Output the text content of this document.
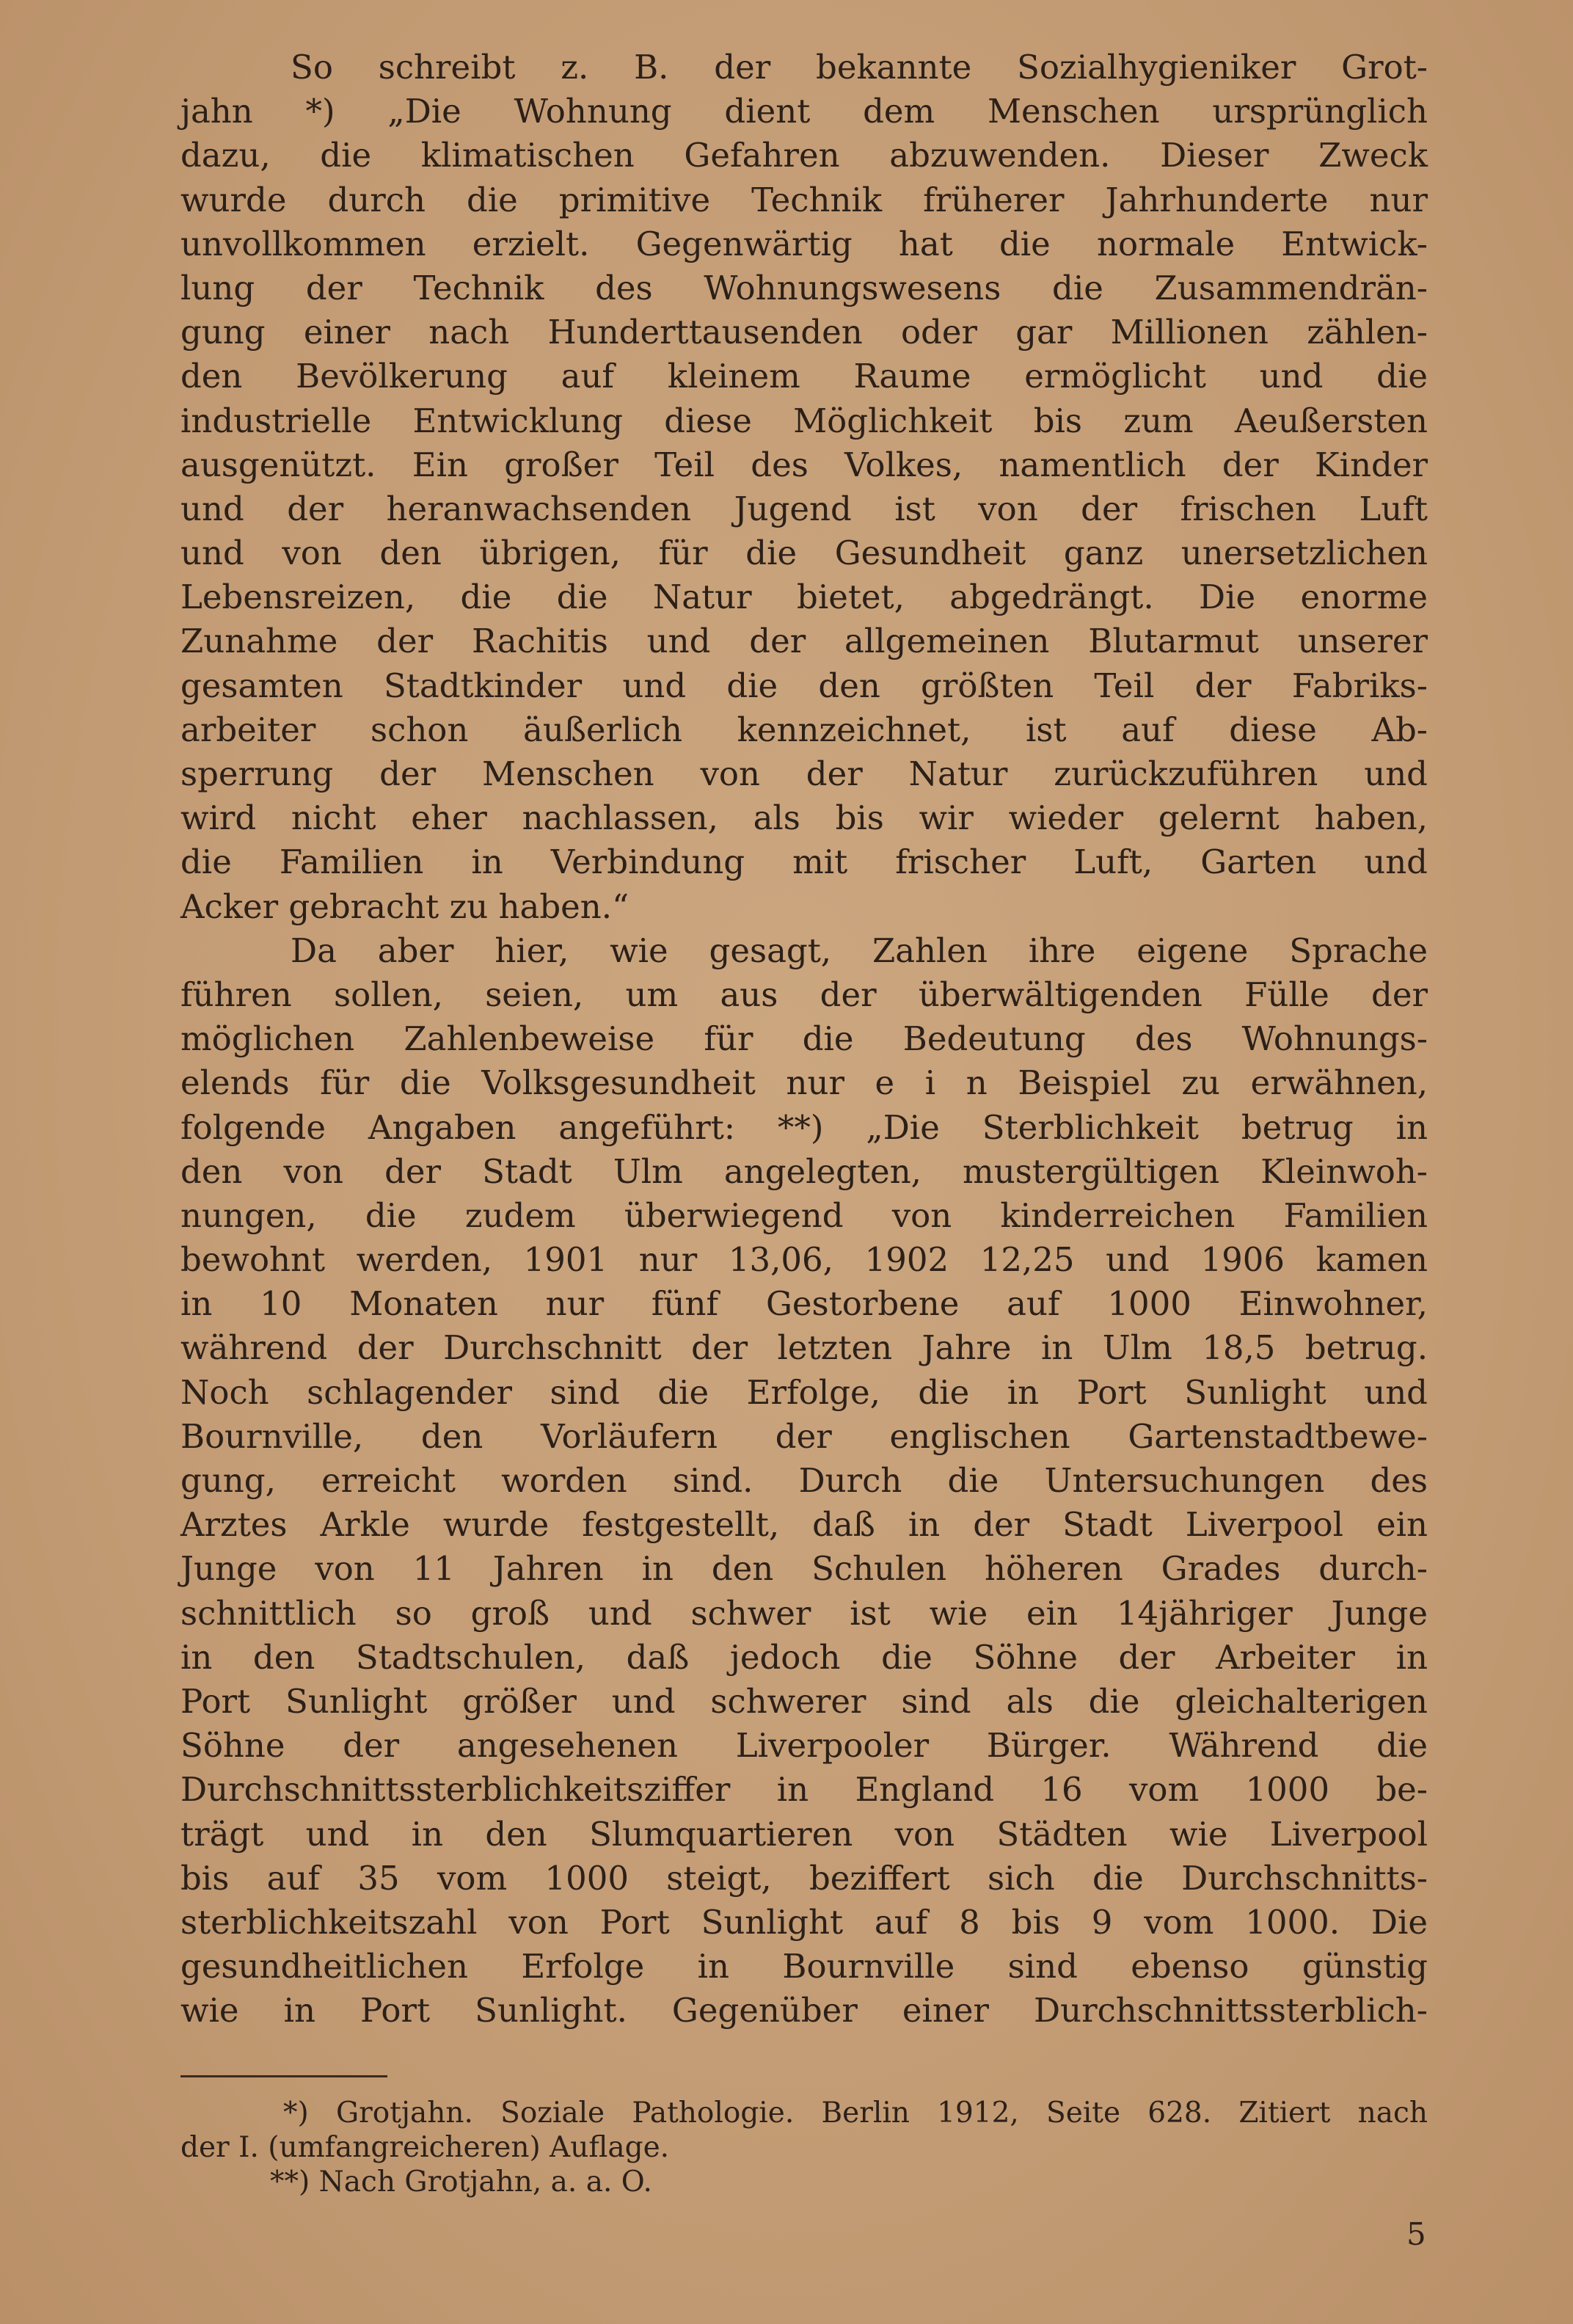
So schreibt z. B. der bekannte Sozialhygieniker Grot-
jahn *) „Die Wohnung dient dem Menschen ursprünglich
dazu, die klimatischen Gefahren abzuwenden. Dieser Zweck
wurde durch die primitive Technik früherer Jahrhunderte nur
unvollkommen erzielt. Gegenwärtig hat die normale Entwick-
lung der Technik des Wohnungswesens die Zusammendrän-
gung einer nach Hunderttausenden oder gar Millionen zählen-
den Bevölkerung auf kleinem Raume ermöglicht und die
industrielle Entwicklung diese Möglichkeit bis zum Aeußersten
ausgenützt. Ein großer Teil des Volkes, namentlich der Kinder
und der heranwachsenden Jugend ist von der frischen Luft
und von den übrigen, für die Gesundheit ganz unersetzlichen
Lebensreizen, die die Natur bietet, abgedrängt. Die enorme
Zunahme der Rachitis und der allgemeinen Blutarmut unserer
gesamten Stadtkinder und die den größten Teil der Fabriks-
arbeiter schon äußerlich kennzeichnet, ist auf diese Ab-
sperrung der Menschen von der Natur zurückzuführen und
wird nicht eher nachlassen, als bis wir wieder gelernt haben,
die Familien in Verbindung mit frischer Luft, Garten und
Acker gebracht zu haben.“
Da aber hier, wie gesagt, Zahlen ihre eigene Sprache
führen sollen, seien, um aus der überwältigenden Fülle der
möglichen Zahlenbeweise für die Bedeutung des Wohnungs-
elends für die Volksgesundheit nur e i n Beispiel zu erwähnen,
folgende Angaben angeführt: **) „Die Sterblichkeit betrug in
den von der Stadt Ulm angelegten, mustergültigen Kleinwoh-
nungen, die zudem überwiegend von kinderreichen Familien
bewohnt werden, 1901 nur 13,06, 1902 12,25 und 1906 kamen
in 10 Monaten nur fünf Gestorbene auf 1000 Einwohner,
während der Durchschnitt der letzten Jahre in Ulm 18,5 betrug.
Noch schlagender sind die Erfolge, die in Port Sunlight und
Bournville, den Vorläufern der englischen Gartenstadtbewe-
gung, erreicht worden sind. Durch die Untersuchungen des
Arztes Arkle wurde festgestellt, daß in der Stadt Liverpool ein
Junge von 11 Jahren in den Schulen höheren Grades durch-
schnittlich so groß und schwer ist wie ein 14jähriger Junge
in den Stadtschulen, daß jedoch die Söhne der Arbeiter in
Port Sunlight größer und schwerer sind als die gleichalterigen
Söhne der angesehenen Liverpooler Bürger. Während die
Durchschnittssterblichkeitsziffer in England 16 vom 1000 be-
trägt und in den Slumquartieren von Städten wie Liverpool
bis auf 35 vom 1000 steigt, beziffert sich die Durchschnitts-
sterblichkeitszahl von Port Sunlight auf 8 bis 9 vom 1000. Die
gesundheitlichen Erfolge in Bournville sind ebenso günstig
wie in Port Sunlight. Gegenüber einer Durchschnittssterblich-
*) Grotjahn. Soziale Pathologie. Berlin 1912, Seite 628. Zitiert nach
der I. (umfangreicheren) Auflage.
**) Nach Grotjahn, a. a. O.
5
